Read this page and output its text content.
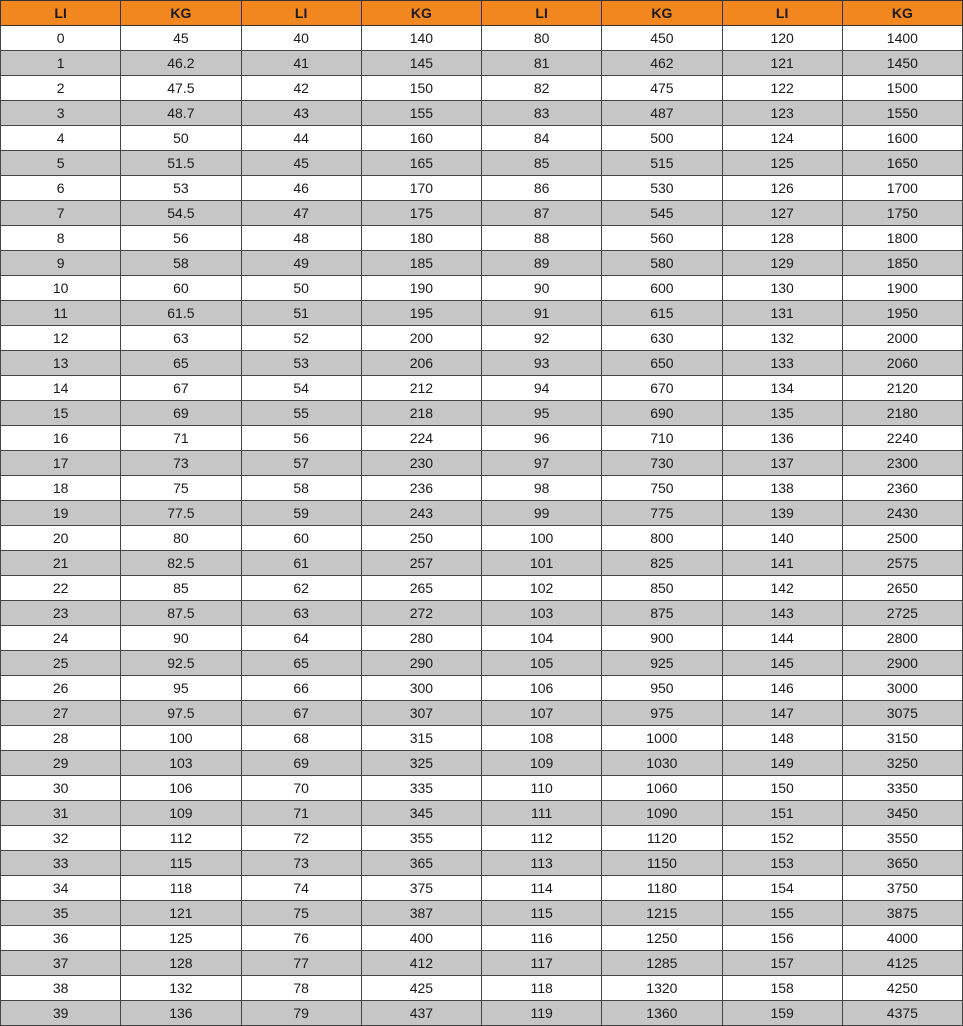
LI	KG	LI	KG	LI	KG	LI	KG
0	45	40	140	80	450	120	1400
1	46.2	41	145	81	462	121	1450
2	47.5	42	150	82	475	122	1500
3	48.7	43	155	83	487	123	1550
4	50	44	160	84	500	124	1600
5	51.5	45	165	85	515	125	1650
6	53	46	170	86	530	126	1700
7	54.5	47	175	87	545	127	1750
8	56	48	180	88	560	128	1800
9	58	49	185	89	580	129	1850
10	60	50	190	90	600	130	1900
11	61.5	51	195	91	615	131	1950
12	63	52	200	92	630	132	2000
13	65	53	206	93	650	133	2060
14	67	54	212	94	670	134	2120
15	69	55	218	95	690	135	2180
16	71	56	224	96	710	136	2240
17	73	57	230	97	730	137	2300
18	75	58	236	98	750	138	2360
19	77.5	59	243	99	775	139	2430
20	80	60	250	100	800	140	2500
21	82.5	61	257	101	825	141	2575
22	85	62	265	102	850	142	2650
23	87.5	63	272	103	875	143	2725
24	90	64	280	104	900	144	2800
25	92.5	65	290	105	925	145	2900
26	95	66	300	106	950	146	3000
27	97.5	67	307	107	975	147	3075
28	100	68	315	108	1000	148	3150
29	103	69	325	109	1030	149	3250
30	106	70	335	110	1060	150	3350
31	109	71	345	111	1090	151	3450
32	112	72	355	112	1120	152	3550
33	115	73	365	113	1150	153	3650
34	118	74	375	114	1180	154	3750
35	121	75	387	115	1215	155	3875
36	125	76	400	116	1250	156	4000
37	128	77	412	117	1285	157	4125
38	132	78	425	118	1320	158	4250
39	136	79	437	119	1360	159	4375
